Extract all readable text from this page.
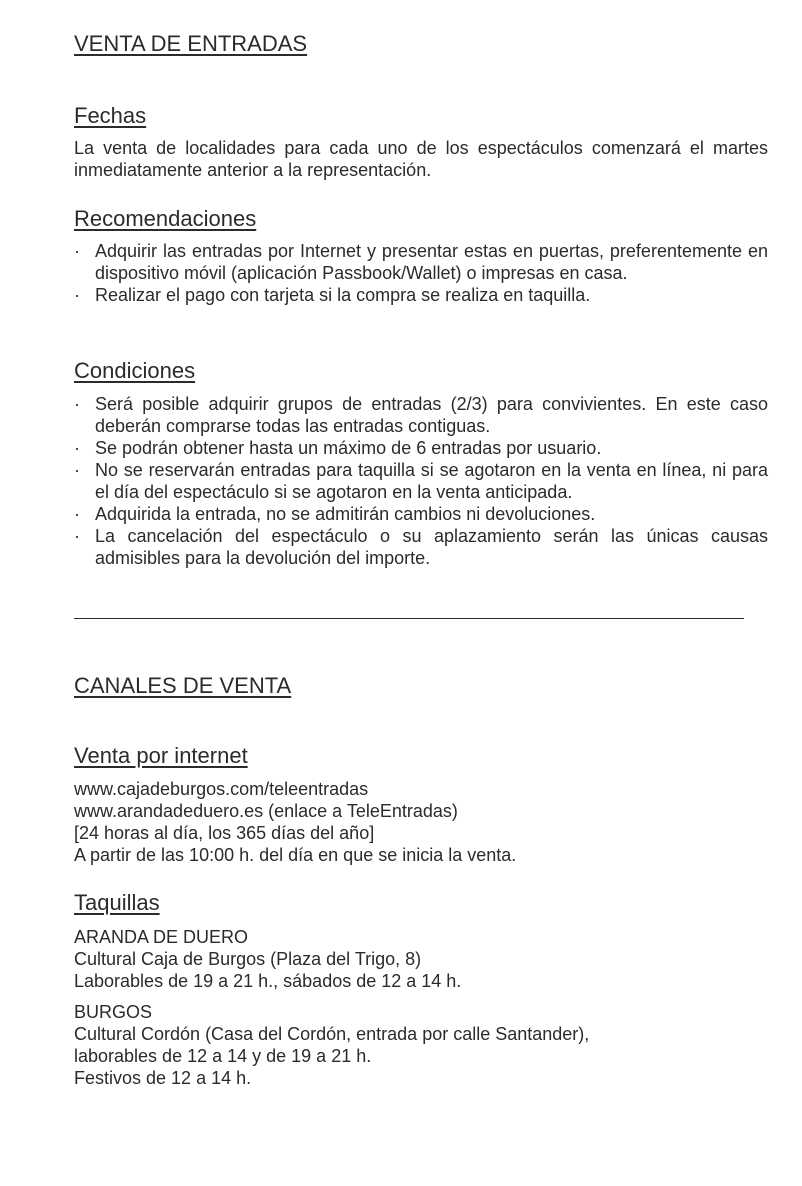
VENTA DE ENTRADAS
Fechas

La venta de localidades para cada uno de los espectáculos comenzará el martes inmediatamente anterior a la representación.

Recomendaciones
· Adquirir las entradas por Internet y presentar estas en puertas, preferentemente en dispositivo móvil (aplicación Passbook/Wallet) o impresas en casa.
· Realizar el pago con tarjeta si la compra se realiza en taquilla.
Condiciones
· Será posible adquirir grupos de entradas (2/3) para convivientes. En este caso deberán comprarse todas las entradas contiguas.
· Se podrán obtener hasta un máximo de 6 entradas por usuario.
· No se reservarán entradas para taquilla si se agotaron en la venta en línea, ni para el día del espectáculo si se agotaron en la venta anticipada.
· Adquirida la entrada, no se admitirán cambios ni devoluciones.
· La cancelación del espectáculo o su aplazamiento serán las únicas causas admisibles para la devolución del importe.
CANALES DE VENTA
Venta por internet
www.cajadeburgos.com/teleentradas
www.arandadeduero.es (enlace a TeleEntradas)
[24 horas al día, los 365 días del año]
A partir de las 10:00 h. del día en que se inicia la venta.
Taquillas
ARANDA DE DUERO
Cultural Caja de Burgos (Plaza del Trigo, 8)
Laborables de 19 a 21 h., sábados de 12 a 14 h.
BURGOS
Cultural Cordón (Casa del Cordón, entrada por calle Santander),
laborables de 12 a 14 y de 19 a 21 h.
Festivos de 12 a 14 h.
